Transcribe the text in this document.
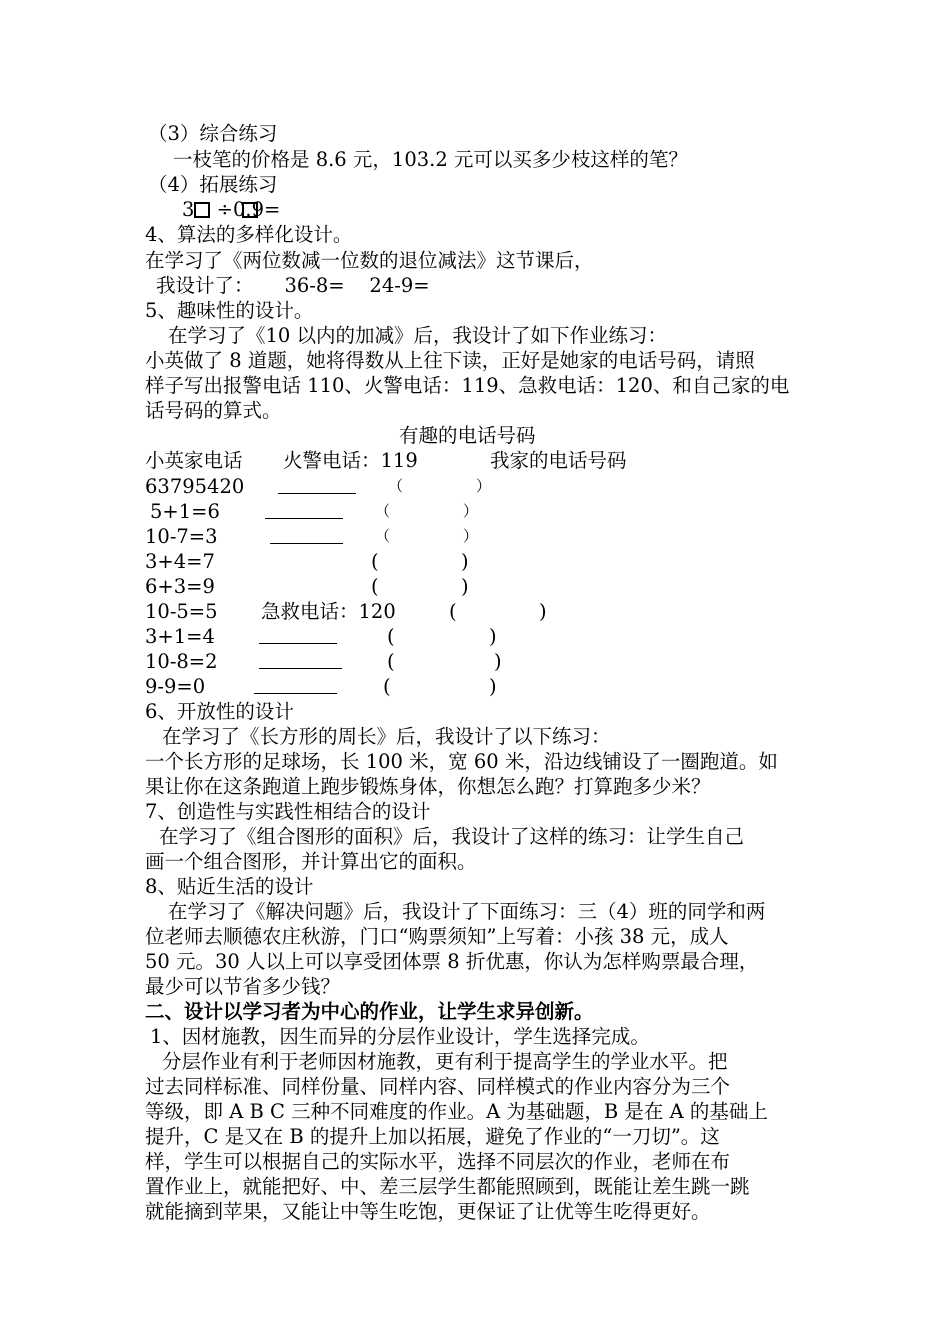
（3）综合练习
一枝笔的价格是 8.6 元，103.2 元可以买多少枝这样的笔？
（4）拓展练习
3 ÷0.9=
4、算法的多样化设计。
在学习了《两位数减一位数的退位减法》这节课后，
我设计了：     36-8=    24-9=
5、趣味性的设计。
在学习了《10 以内的加减》后，我设计了如下作业练习：
小英做了 8 道题，她将得数从上往下读，正好是她家的电话号码，请照
样子写出报警电话 110、火警电话：119、急救电话：120、和自己家的电
话号码的算式。
有趣的电话号码
小英家电话 火警电话：119	我家的电话号码
63795420	（	）
5+1=6	（	）
10-7=3	（	）
3+4=7	(	)
6+3=9	(	)
10-5=5 急救电话：120	(	)
3+1=4	(	)
10-8=2	(	)
9-9=0	(	)
6、开放性的设计
在学习了《长方形的周长》后，我设计了以下练习：
一个长方形的足球场，长 100 米，宽 60 米，沿边线铺设了一圈跑道。如
果让你在这条跑道上跑步锻炼身体，你想怎么跑？打算跑多少米？
7、创造性与实践性相结合的设计
在学习了《组合图形的面积》后，我设计了这样的练习：让学生自己
画一个组合图形，并计算出它的面积。
8、贴近生活的设计
在学习了《解决问题》后，我设计了下面练习：三（4）班的同学和两
位老师去顺德农庄秋游，门口“购票须知”上写着：小孩 38 元，成人
50 元。30 人以上可以享受团体票 8 折优惠，你认为怎样购票最合理，
最少可以节省多少钱？
二、设计以学习者为中心的作业，让学生求异创新。
1、因材施教，因生而异的分层作业设计，学生选择完成。
分层作业有利于老师因材施教，更有利于提高学生的学业水平。把
过去同样标准、同样份量、同样内容、同样模式的作业内容分为三个
等级，即 A B C 三种不同难度的作业。A 为基础题，B 是在 A 的基础上
提升，C 是又在 B 的提升上加以拓展，避免了作业的“一刀切”。这
样，学生可以根据自己的实际水平，选择不同层次的作业，老师在布
置作业上，就能把好、中、差三层学生都能照顾到，既能让差生跳一跳
就能摘到苹果，又能让中等生吃饱，更保证了让优等生吃得更好。
